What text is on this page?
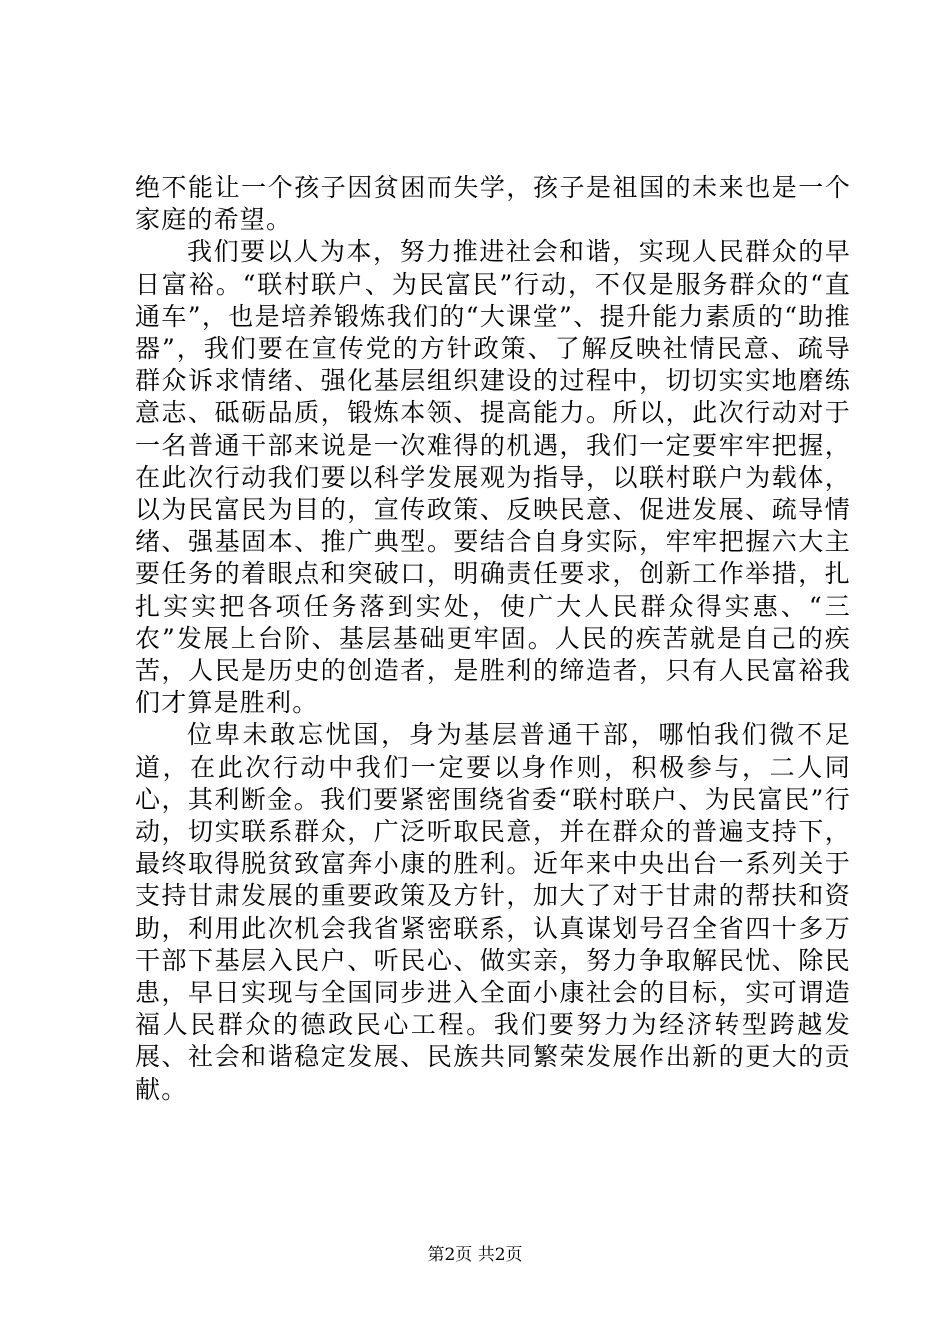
绝不能让一个孩子因贫困而失学，孩子是祖国的未来也是一个家庭的希望。

我们要以人为本，努力推进社会和谐，实现人民群众的早日富裕。“联村联户、为民富民”行动，不仅是服务群众的“直通车”，也是培养锻炼我们的“大课堂”、提升能力素质的“助推器”，我们要在宣传党的方针政策、了解反映社情民意、疏导群众诉求情绪、强化基层组织建设的过程中，切切实实地磨练意志、砥砺品质，锻炼本领、提高能力。所以，此次行动对于一名普通干部来说是一次难得的机遇，我们一定要牢牢把握，在此次行动我们要以科学发展观为指导，以联村联户为载体，以为民富民为目的，宣传政策、反映民意、促进发展、疏导情绪、强基固本、推广典型。要结合自身实际，牢牢把握六大主要任务的着眼点和突破口，明确责任要求，创新工作举措，扎扎实实把各项任务落到实处，使广大人民群众得实惠、“三农”发展上台阶、基层基础更牢固。人民的疾苦就是自己的疾苦，人民是历史的创造者，是胜利的缔造者，只有人民富裕我们才算是胜利。

位卑未敢忘忧国，身为基层普通干部，哪怕我们微不足道，在此次行动中我们一定要以身作则，积极参与，二人同心，其利断金。我们要紧密围绕省委“联村联户、为民富民”行动，切实联系群众，广泛听取民意，并在群众的普遍支持下，最终取得脱贫致富奔小康的胜利。近年来中央出台一系列关于支持甘肃发展的重要政策及方针，加大了对于甘肃的帮扶和资助，利用此次机会我省紧密联系，认真谋划号召全省四十多万干部下基层入民户、听民心、做实亲，努力争取解民忧、除民患，早日实现与全国同步进入全面小康社会的目标，实可谓造福人民群众的德政民心工程。我们要努力为经济转型跨越发展、社会和谐稳定发展、民族共同繁荣发展作出新的更大的贡献。

第2页 共2页
